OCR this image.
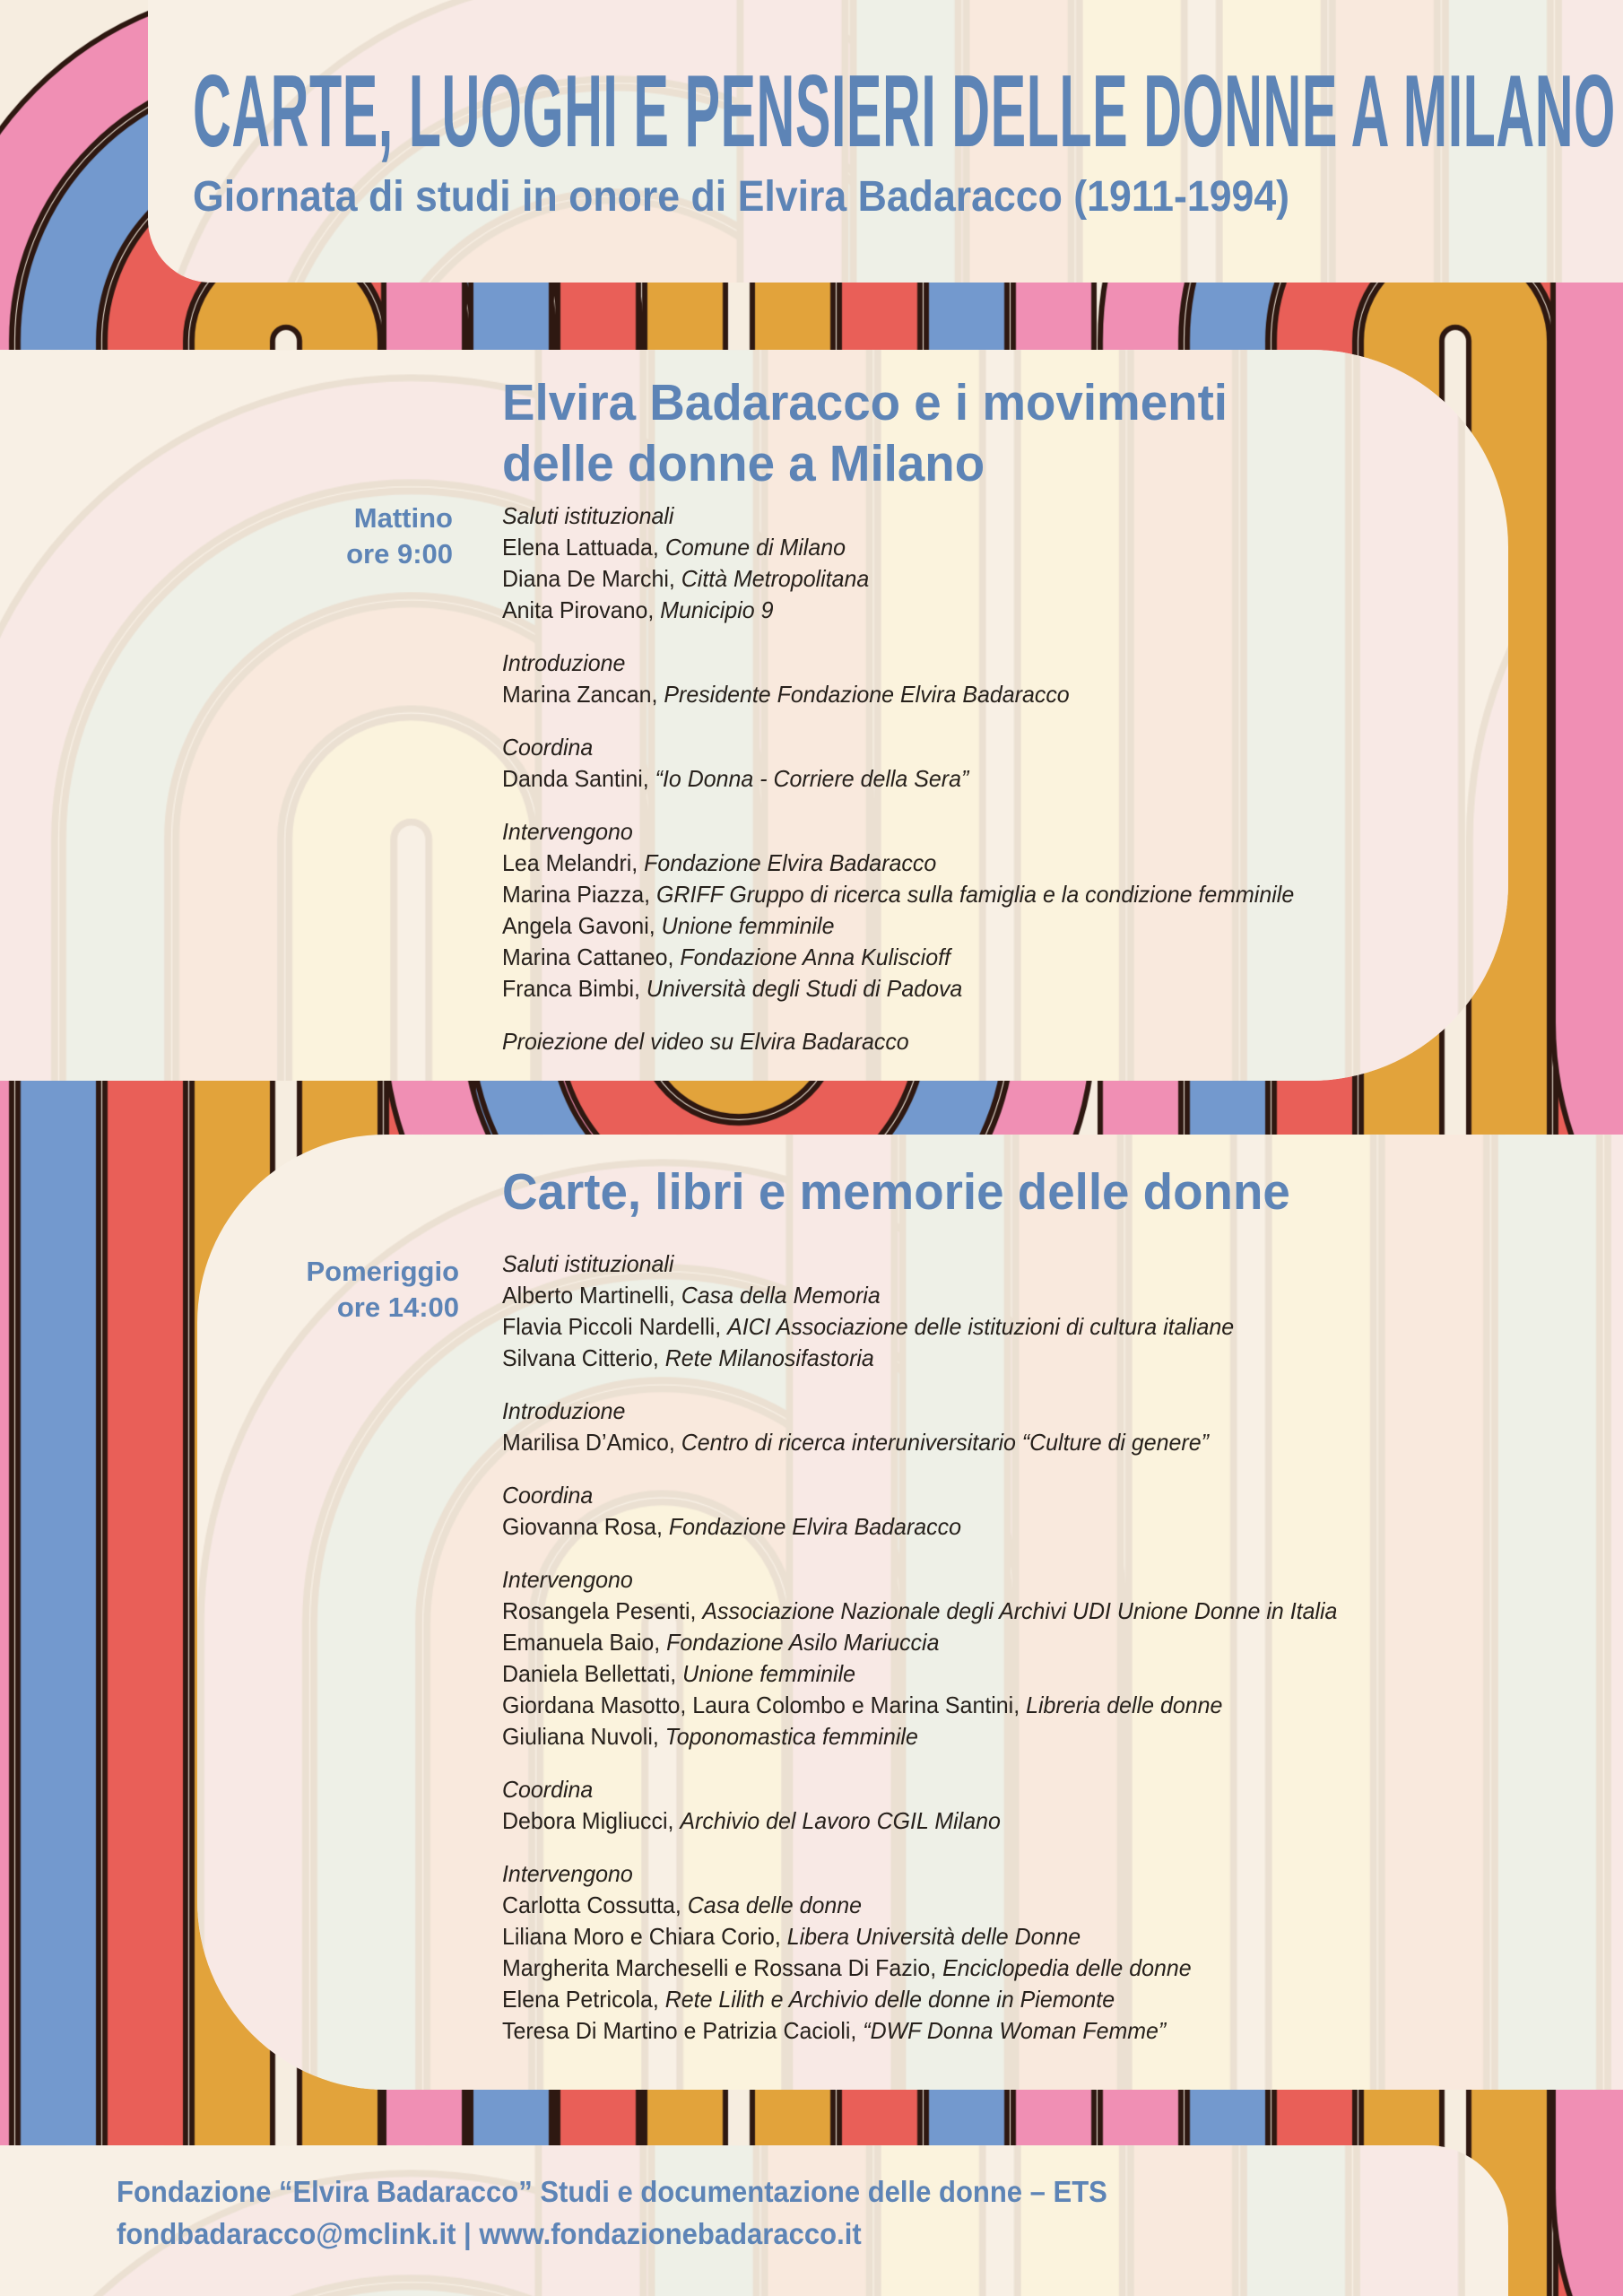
CARTE, LUOGHI E PENSIERI DELLE DONNE A MILANO
Giornata di studi in onore di Elvira Badaracco (1911-1994)
Elvira Badaracco e i movimenti
delle donne a Milano
Mattino
ore 9:00
Saluti istituzionali
Elena Lattuada, Comune di Milano
Diana De Marchi, Città Metropolitana
Anita Pirovano, Municipio 9
Introduzione
Marina Zancan, Presidente Fondazione Elvira Badaracco
Coordina
Danda Santini, “Io Donna - Corriere della Sera”
Intervengono
Lea Melandri, Fondazione Elvira Badaracco
Marina Piazza, GRIFF Gruppo di ricerca sulla famiglia e la condizione femminile
Angela Gavoni, Unione femminile
Marina Cattaneo, Fondazione Anna Kuliscioff
Franca Bimbi, Università degli Studi di Padova
Proiezione del video su Elvira Badaracco
Carte, libri e memorie delle donne
Pomeriggio
ore 14:00
Saluti istituzionali
Alberto Martinelli, Casa della Memoria
Flavia Piccoli Nardelli, AICI Associazione delle istituzioni di cultura italiane
Silvana Citterio, Rete Milanosifastoria
Introduzione
Marilisa D’Amico, Centro di ricerca interuniversitario “Culture di genere”
Coordina
Giovanna Rosa, Fondazione Elvira Badaracco
Intervengono
Rosangela Pesenti, Associazione Nazionale degli Archivi UDI Unione Donne in Italia
Emanuela Baio, Fondazione Asilo Mariuccia
Daniela Bellettati, Unione femminile
Giordana Masotto, Laura Colombo e Marina Santini, Libreria delle donne
Giuliana Nuvoli, Toponomastica femminile
Coordina
Debora Migliucci, Archivio del Lavoro CGIL Milano
Intervengono
Carlotta Cossutta, Casa delle donne
Liliana Moro e Chiara Corio, Libera Università delle Donne
Margherita Marcheselli e Rossana Di Fazio, Enciclopedia delle donne
Elena Petricola, Rete Lilith e Archivio delle donne in Piemonte
Teresa Di Martino e Patrizia Cacioli, “DWF Donna Woman Femme”
Fondazione “Elvira Badaracco” Studi e documentazione delle donne – ETS
fondbadaracco@mclink.it | www.fondazionebadaracco.it
